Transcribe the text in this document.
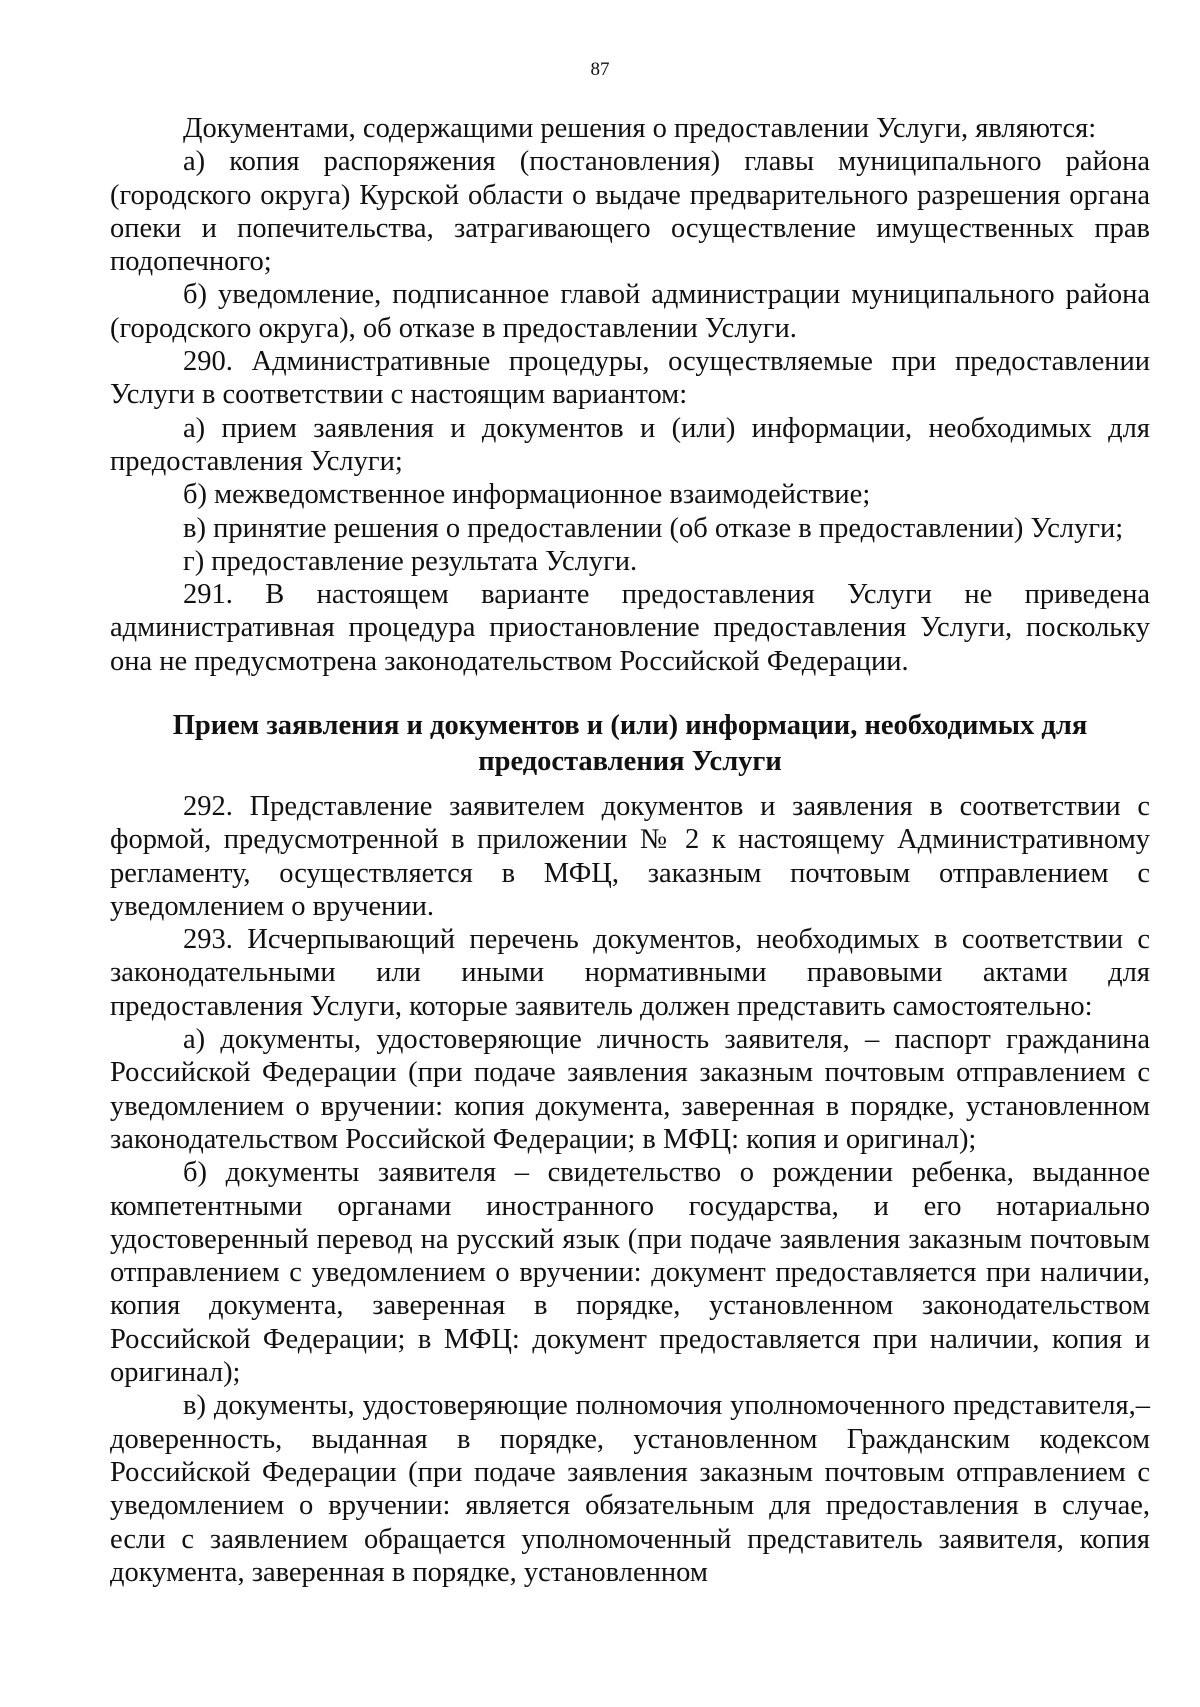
87

Документами, содержащими решения о предоставлении Услуги, являются:

а) копия распоряжения (постановления) главы муниципального района (городского округа) Курской области о выдаче предварительного разрешения органа опеки и попечительства, затрагивающего осуществление имущественных прав подопечного;

б) уведомление, подписанное главой администрации муниципального района (городского округа), об отказе в предоставлении Услуги.

290. Административные процедуры, осуществляемые при предоставлении Услуги в соответствии с настоящим вариантом:

а) прием заявления и документов и (или) информации, необходимых для предоставления Услуги;

б) межведомственное информационное взаимодействие;

в) принятие решения о предоставлении (об отказе в предоставлении) Услуги;

г) предоставление результата Услуги.

291. В настоящем варианте предоставления Услуги не приведена административная процедура приостановление предоставления Услуги, поскольку она не предусмотрена законодательством Российской Федерации.

Прием заявления и документов и (или) информации, необходимых для

предоставления Услуги

292. Представление заявителем документов и заявления в соответствии с формой, предусмотренной в приложении № 2 к настоящему Административному регламенту, осуществляется в МФЦ, заказным почтовым отправлением с уведомлением о вручении.

293. Исчерпывающий перечень документов, необходимых в соответствии с законодательными или иными нормативными правовыми актами для предоставления Услуги, которые заявитель должен представить самостоятельно:

а) документы, удостоверяющие личность заявителя, – паспорт гражданина Российской Федерации (при подаче заявления заказным почтовым отправлением с уведомлением о вручении: копия документа, заверенная в порядке, установленном законодательством Российской Федерации; в МФЦ: копия и оригинал);

б) документы заявителя – свидетельство о рождении ребенка, выданное компетентными органами иностранного государства, и его нотариально удостоверенный перевод на русский язык (при подаче заявления заказным почтовым отправлением с уведомлением о вручении: документ предоставляется при наличии, копия документа, заверенная в порядке, установленном законодательством Российской Федерации; в МФЦ: документ предоставляется при наличии, копия и оригинал);

в) документы, удостоверяющие полномочия уполномоченного представителя,– доверенность, выданная в порядке, установленном Гражданским кодексом Российской Федерации (при подаче заявления заказным почтовым отправлением с уведомлением о вручении: является обязательным для предоставления в случае, если с заявлением обращается уполномоченный представитель заявителя, копия документа, заверенная в порядке, установленном
